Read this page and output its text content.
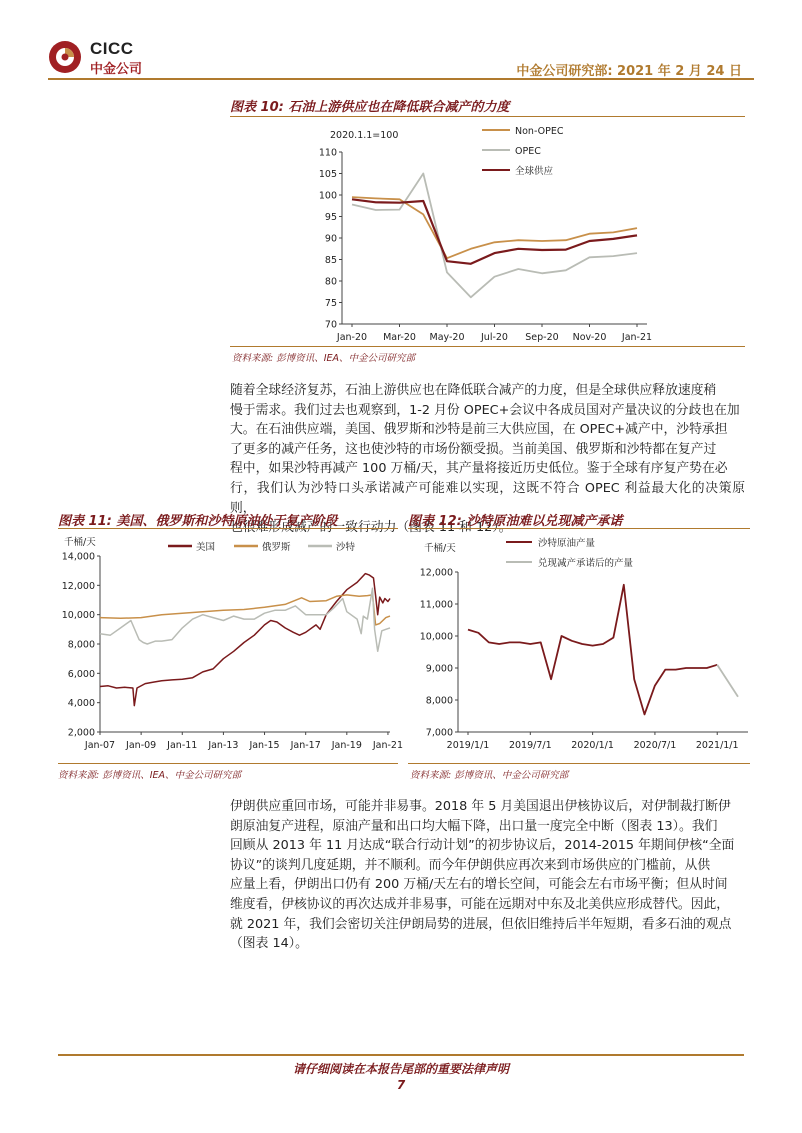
CICC
中金公司	中金公司研究部: 2021 年 2 月 24 日
图表 10: 石油上游供应也在降低联合减产的力度
70
75
80
85
90
95
100
105
110
Jan-20 Mar-20 May-20 Jul-20 Sep-20 Nov-20 Jan-21
2020.1.1=100	Non-OPEC
OPEC
全球供应
资料来源: 彭博资讯、IEA、中金公司研究部
随着全球经济复苏，石油上游供应也在降低联合减产的力度，但是全球供应释放速度稍
慢于需求。我们过去也观察到，1-2 月份 OPEC+会议中各成员国对产量决议的分歧也在加
大。在石油供应端，美国、俄罗斯和沙特是前三大供应国，在 OPEC+减产中，沙特承担
了更多的减产任务，这也使沙特的市场份额受损。当前美国、俄罗斯和沙特都在复产过
程中，如果沙特再减产 100 万桶/天，其产量将接近历史低位。鉴于全球有序复产势在必
行，我们认为沙特口头承诺减产可能难以实现，这既不符合 OPEC 利益最大化的决策原则，
也很难形成减产的一致行动力（图表 11 和 12）。
图表 11: 美国、俄罗斯和沙特原油处于复产阶段
2,000
4,000
6,000
8,000
10,000
12,000
14,000
Jan-07 Jan-09 Jan-11 Jan-13 Jan-15 Jan-17 Jan-19 Jan-21
千桶/天	美国	俄罗斯	沙特
资料来源: 彭博资讯、IEA、中金公司研究部
图表 12: 沙特原油难以兑现减产承诺
7,000
8,000
9,000
10,000
11,000
12,000
2019/1/1 2019/7/1 2020/1/1 2020/7/1 2021/1/1
千桶/天	沙特原油产量
兑现减产承诺后的产量
资料来源: 彭博资讯、中金公司研究部
伊朗供应重回市场，可能并非易事。2018 年 5 月美国退出伊核协议后，对伊制裁打断伊
朗原油复产进程，原油产量和出口均大幅下降，出口量一度完全中断（图表 13）。我们
回顾从 2013 年 11 月达成“联合行动计划”的初步协议后，2014-2015 年期间伊核“全面
协议”的谈判几度延期，并不顺利。而今年伊朗供应再次来到市场供应的门槛前，从供
应量上看，伊朗出口仍有 200 万桶/天左右的增长空间，可能会左右市场平衡；但从时间
维度看，伊核协议的再次达成并非易事，可能在远期对中东及北美供应形成替代。因此，
就 2021 年，我们会密切关注伊朗局势的进展，但依旧维持后半年短期，看多石油的观点
（图表 14）。
请仔细阅读在本报告尾部的重要法律声明
7
